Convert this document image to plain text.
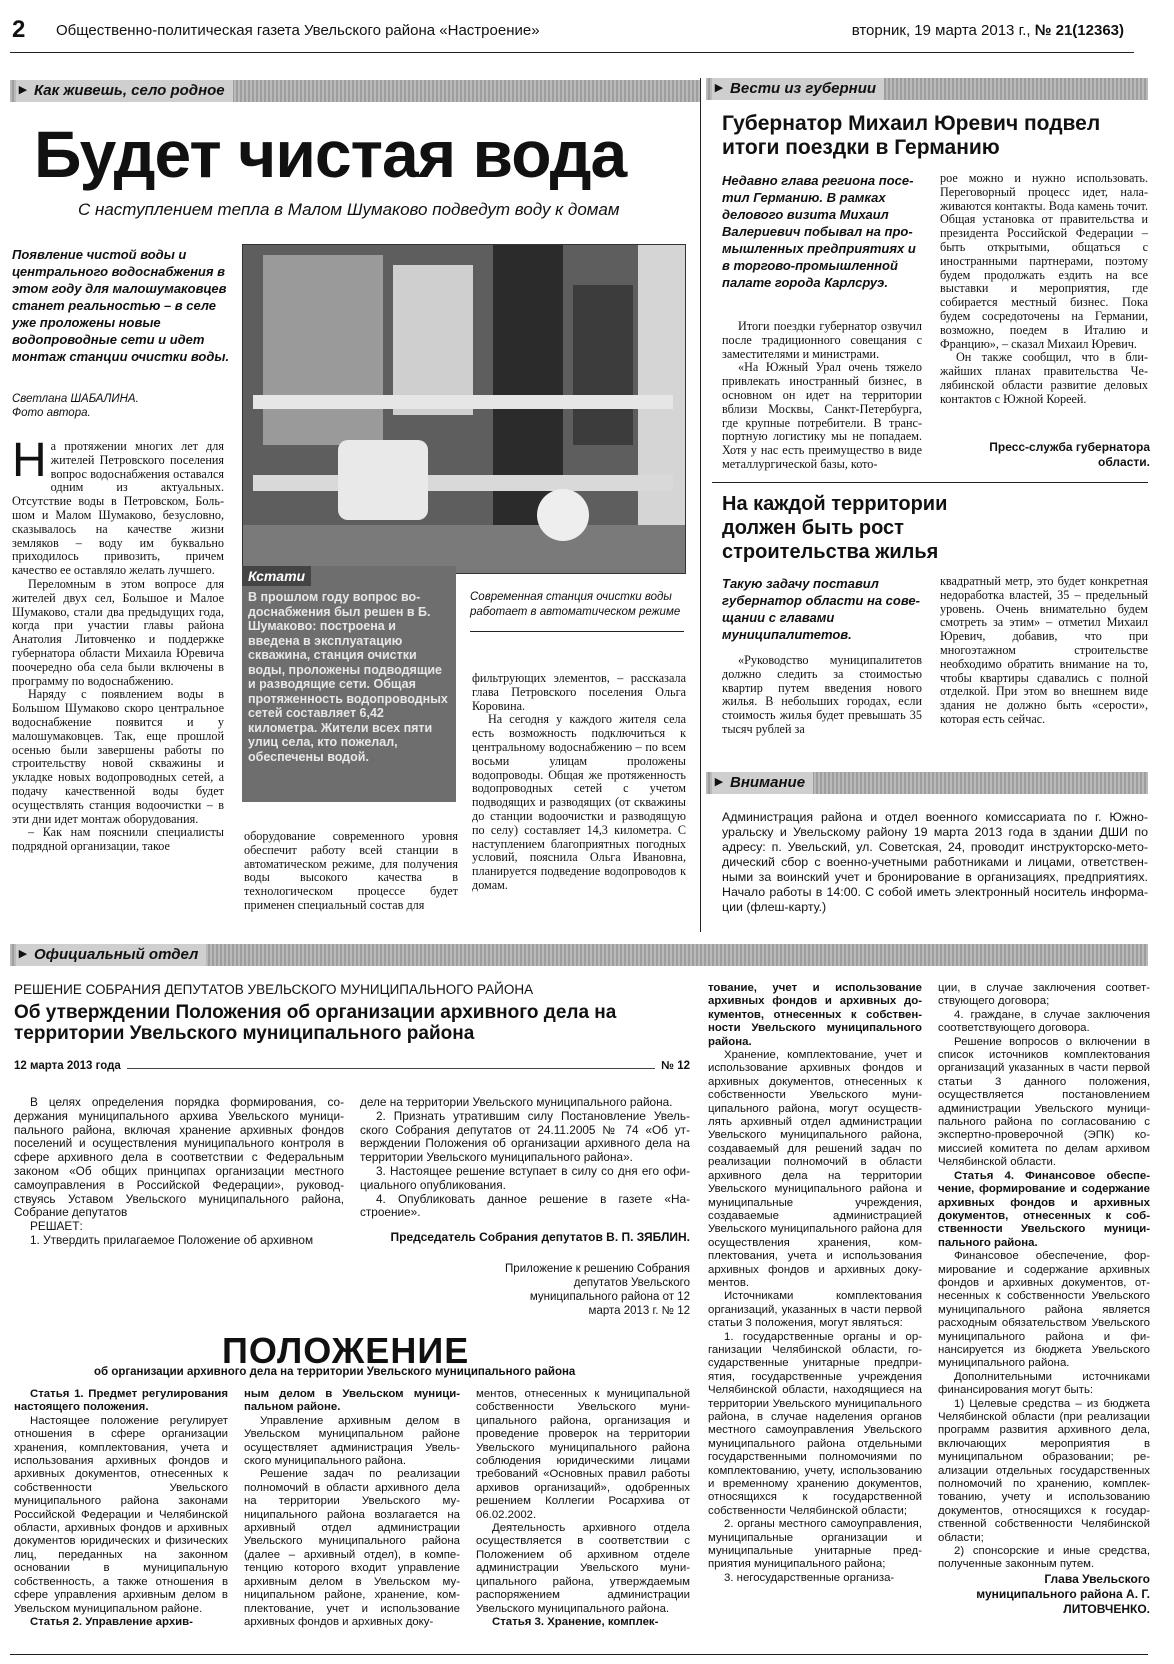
2 Общественно-политическая газета Увельского района «Настроение»	вторник, 19 марта 2013 г., № 21(12363)
▸ Как живешь, село родное
▸	Вести из губернии
Будет чистая вода
С наступлением тепла в Малом Шумаково подведут воду к домам
Появление чистой воды и центрального водоснабжения в этом году для малошумаковцев станет реальностью – в селе уже проложены новые водопроводные сети и идет монтаж станции очистки воды.
Светлана ШАБАЛИНА.
Фото автора.

На протяжении многих лет для жителей Петровского поселения вопрос водоснабжения оставался одним из актуальных. Отсутствие воды в Петровском, Большом и Малом Шумаково, безусловно, сказывалось на качестве жизни земляков – воду им буквально приходилось привозить, причем качество ее оставляло желать лучшего.

Переломным в этом вопросе для жителей двух сел, Большое и Малое Шумаково, стали два предыдущих года, когда при участии главы района Анатолия Литовченко и поддержке губернатора области Михаила Юревича поочередно оба села были включены в программу по водоснабжению.

Наряду с появлением воды в Большом Шумаково скоро центральное водоснабжение появится и у малошумаковцев. Так, еще прошлой осенью были завершены работы по строительству новой скважины и укладке новых водопроводных сетей, а подачу качественной воды будет осуществлять станция водоочистки – в эти дни идет монтаж оборудования.

– Как нам пояснили специалисты подрядной организации, такое

Кстати
В прошлом году вопрос водоснабжения был решен в Б. Шумаково: построена и введена в эксплуатацию скважина, станция очистки воды, проложены подводящие и разводящие сети. Общая протяженность водопроводных сетей составляет 6,42 километра. Жители всех пяти улиц села, кто пожелал, обеспечены водой.
Современная станция очистки воды работает в автоматическом режиме

оборудование современного уровня обеспечит работу всей станции в автоматическом режиме, для получения воды высокого качества в технологическом процессе будет применен специальный состав для

фильтрующих элементов, – рассказала глава Петровского поселения Ольга Коровина.

На сегодня у каждого жителя села есть возможность подключиться к центральному водоснабжению – по всем восьми улицам проложены водопроводы. Общая же протяженность водопроводных сетей с учетом подводящих и разводящих (от скважины до станции водоочистки и разводящую по селу) составляет 14,3 километра. С наступлением благоприятных погодных условий, пояснила Ольга Ивановна, планируется подведение водопроводов к домам.

Губернатор Михаил Юревич подвел итоги поездки в Германию
Недавно глава региона посетил Германию. В рамках делового визита Михаил Валериевич побывал на промышленных предприятиях и в торгово-промышленной палате города Карлсруэ.

Итоги поездки губернатор озвучил после традиционного совещания с заместителями и министрами.

«На Южный Урал очень тяжело привлекать иностранный бизнес, в основном он идет на территории вблизи Москвы, Санкт-Петербурга, где крупные потребители. В транспортную логистику мы не попадаем. Хотя у нас есть преимущество в виде металлургической базы, кото-

рое можно и нужно использовать. Переговорный процесс идет, налаживаются контакты. Вода камень точит. Общая установка от правительства и президента Российской Федерации – быть открытыми, общаться с иностранными партнерами, поэтому будем продолжать ездить на все выставки и мероприятия, где собирается местный бизнес. Пока будем сосредоточены на Германии, возможно, поедем в Италию и Францию», – сказал Михаил Юревич.

Он также сообщил, что в ближайших планах правительства Челябинской области развитие деловых контактов с Южной Кореей.

Пресс-служба губернатора области.
На каждой территории должен быть рост строительства жилья
Такую задачу поставил губернатор области на совещании с главами муниципалитетов.

«Руководство муниципалитетов должно следить за стоимостью квартир путем введения нового жилья. В небольших городах, если стоимость жилья будет превышать 35 тысяч рублей за

квадратный метр, это будет конкретная недоработка властей, 35 – предельный уровень. Очень внимательно будем смотреть за этим» – отметил Михаил Юревич, добавив, что при многоэтажном строительстве необходимо обратить внимание на то, чтобы квартиры сдавались с полной отделкой. При этом во внешнем виде здания не должно быть «серости», которая есть сейчас.

▸ Внимание

Администрация района и отдел военного комиссариата по г. Южноуральску и Увельскому району 19 марта 2013 года в здании ДШИ по адресу: п. Увельский, ул. Советская, 24, проводит инструкторско-методический сбор с военно-учетными работниками и лицами, ответственными за воинский учет и бронирование в организациях, предприятиях. Начало работы в 14:00. С собой иметь электронный носитель информации (флеш-карту.)

▸ Официальный отдел
РЕШЕНИЕ СОБРАНИЯ ДЕПУТАТОВ УВЕЛЬСКОГО МУНИЦИПАЛЬНОГО РАЙОНА
Об утверждении Положения об организации архивного дела на территории Увельского муниципального района
12 марта 2013 года	№ 12

В целях определения порядка формирования, содержания муниципального архива Увельского муниципального района, включая хранение архивных фондов поселений и осуществления муниципального контроля в сфере архивного дела в соответствии с Федеральным законом «Об общих принципах организации местного самоуправления в Российской Федерации», руководствуясь Уставом Увельского муниципального района, Собрание депутатов

РЕШАЕТ:

1. Утвердить прилагаемое Положение об архивном

деле на территории Увельского муниципального района.

2. Признать утратившим силу Постановление Увельского Собрания депутатов от 24.11.2005 № 74 «Об утверждении Положения об организации архивного дела на территории Увельского муниципального района».

3. Настоящее решение вступает в силу со дня его официального опубликования.

4. Опубликовать данное решение в газете «Настроение».

Председатель Собрания депутатов В. П. ЗЯБЛИН.
Приложение к решению Собрания депутатов Увельского муниципального района от 12 марта 2013 г. № 12
ПОЛОЖЕНИЕ
об организации архивного дела на территории Увельского муниципального района

Статья 1. Предмет регулирования настоящего положения.

Настоящее положение регулирует отношения в сфере организации хранения, комплектования, учета и использования архивных фондов и архивных документов, отнесенных к собственности Увельского муниципального района законами Российской Федерации и Челябинской области, архивных фондов и архивных документов юридических и физических лиц, переданных на законном основании в муниципальную собственность, а также отношения в сфере управления архивным делом в Увельском муниципальном районе.

Статья 2. Управление архив-

ным делом в Увельском муниципальном районе.

Управление архивным делом в Увельском муниципальном районе осуществляет администрация Увельского муниципального района.

Решение задач по реализации полномочий в области архивного дела на территории Увельского муниципального района возлагается на архивный отдел администрации Увельского муниципального района (далее – архивный отдел), в компетенцию которого входит управление архивным делом в Увельском муниципальном районе, хранение, комплектование, учет и использование архивных фондов и архивных доку-

ментов, отнесенных к муниципальной собственности Увельского муниципального района, организация и проведение проверок на территории Увельского муниципального района соблюдения юридическими лицами требований «Основных правил работы архивов организаций», одобренных решением Коллегии Росархива от 06.02.2002.

Деятельность архивного отдела осуществляется в соответствии с Положением об архивном отделе администрации Увельского муниципального района, утверждаемым распоряжением администрации Увельского муниципального района.

Статья 3. Хранение, комплек-

тование, учет и использование архивных фондов и архивных документов, отнесенных к собственности Увельского муниципального района.

Хранение, комплектование, учет и использование архивных фондов и архивных документов, отнесенных к собственности Увельского муниципального района, могут осуществлять архивный отдел администрации Увельского муниципального района, создаваемый для решений задач по реализации полномочий в области архивного дела на территории Увельского муниципального района и муниципальные учреждения, создаваемые администрацией Увельского муниципального района для осуществления хранения, комплектования, учета и использования архивных фондов и архивных документов.

Источниками комплектования организаций, указанных в части первой статьи 3 положения, могут являться:

1. государственные органы и организации Челябинской области, государственные унитарные предприятия, государственные учреждения Челябинской области, находящиеся на территории Увельского муниципального района, в случае наделения органов местного самоуправления Увельского муниципального района отдельными государственными полномочиями по комплектованию, учету, использованию и временному хранению документов, относящихся к государственной собственности Челябинской области;

2. органы местного самоуправления, муниципальные организации и муниципальные унитарные предприятия муниципального района;

3. негосударственные организа-

ции, в случае заключения соответствующего договора;

4. граждане, в случае заключения соответствующего договора.

Решение вопросов о включении в список источников комплектования организаций указанных в части первой статьи 3 данного положения, осуществляется постановлением администрации Увельского муниципального района по согласованию с экспертно-проверочной (ЭПК) комиссией комитета по делам архивом Челябинской области.

Статья 4. Финансовое обеспечение, формирование и содержание архивных фондов и архивных документов, отнесенных к собственности Увельского муниципального района.

Финансовое обеспечение, формирование и содержание архивных фондов и архивных документов, отнесенных к собственности Увельского муниципального района является расходным обязательством Увельского муниципального района и финансируется из бюджета Увельского муниципального района.

Дополнительными источниками финансирования могут быть:

1) Целевые средства – из бюджета Челябинской области (при реализации программ развития архивного дела, включающих мероприятия в муниципальном образовании; реализации отдельных государственных полномочий по хранению, комплектованию, учету и использованию документов, относящихся к государственной собственности Челябинской области;

2) спонсорские и иные средства, полученные законным путем.

Глава Увельского муниципального района А. Г. ЛИТОВЧЕНКО.
